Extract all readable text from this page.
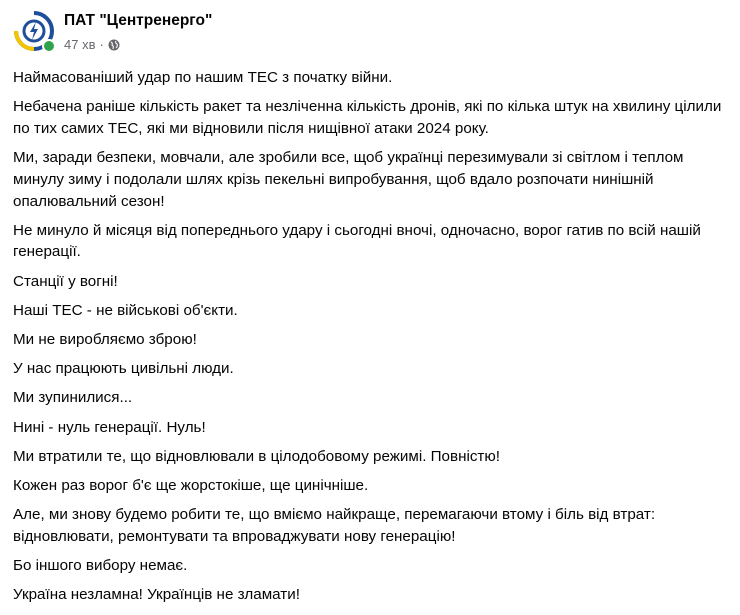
ПАТ "Центренерго"
47 хв ·

Наймасованіший удар по нашим ТЕС з початку війни.

Небачена раніше кількість ракет та незліченна кількість дронів, які по кілька штук на хвилину цілили по тих самих ТЕС, які ми відновили після нищівної атаки 2024 року.

Ми, заради безпеки, мовчали, але зробили все, щоб українці перезимували зі світлом і теплом минулу зиму і подолали шлях крізь пекельні випробування, щоб вдало розпочати нинішній опалювальний сезон!

Не минуло й місяця від попереднього удару і сьогодні вночі, одночасно, ворог гатив по всій нашій генерації.

Станції у вогні!

Наші ТЕС - не військові об'єкти.

Ми не виробляємо зброю!

У нас працюють цивільні люди.

Ми зупинилися...

Нині - нуль генерації. Нуль!

Ми втратили те, що відновлювали в цілодобовому режимі. Повністю!

Кожен раз ворог б'є ще жорстокіше, ще цинічніше.

Але, ми знову будемо робити те, що вміємо найкраще, перемагаючи втому і біль від втрат: відновлювати, ремонтувати та впроваджувати нову генерацію!

Бо іншого вибору немає.

Україна незламна! Українців не зламати!
